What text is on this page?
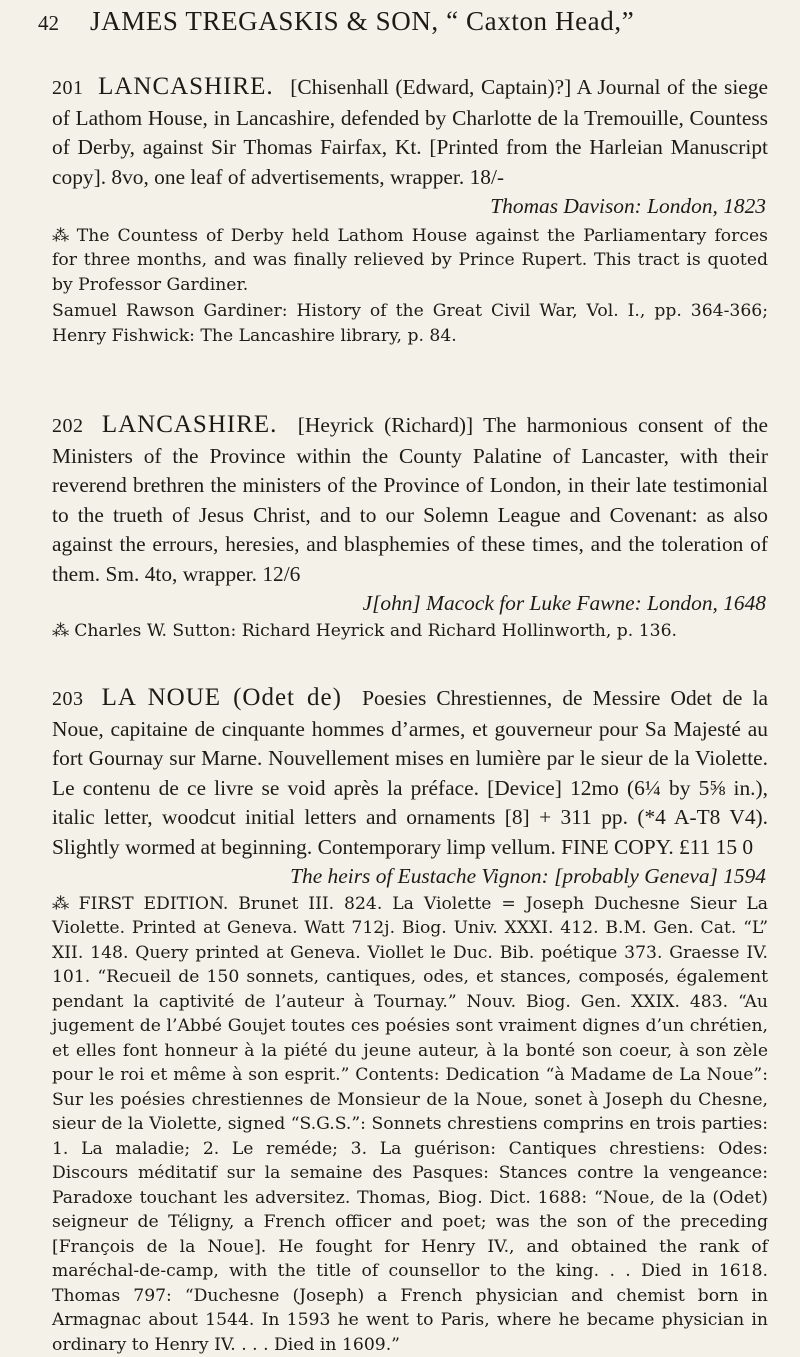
42	JAMES TREGASKIS & SON, “ Caxton Head,”

201 LANCASHIRE. [Chisenhall (Edward, Captain)?] A Journal of the siege of Lathom House, in Lancashire, defended by Charlotte de la Tremouille, Countess of Derby, against Sir Thomas Fairfax, Kt. [Printed from the Harleian Manuscript copy]. 8vo, one leaf of advertisements, wrapper. 18/-

Thomas Davison: London, 1823

⁂ The Countess of Derby held Lathom House against the Parliamentary forces for three months, and was finally relieved by Prince Rupert. This tract is quoted by Professor Gardiner.

Samuel Rawson Gardiner: History of the Great Civil War, Vol. I., pp. 364-366; Henry Fishwick: The Lancashire library, p. 84.

202 LANCASHIRE. [Heyrick (Richard)] The harmonious consent of the Ministers of the Province within the County Palatine of Lancaster, with their reverend brethren the ministers of the Province of London, in their late testimonial to the trueth of Jesus Christ, and to our Solemn League and Covenant: as also against the errours, heresies, and blasphemies of these times, and the toleration of them. Sm. 4to, wrapper. 12/6

J[ohn] Macock for Luke Fawne: London, 1648

⁂ Charles W. Sutton: Richard Heyrick and Richard Hollinworth, p. 136.

203 LA NOUE (Odet de) Poesies Chrestiennes, de Messire Odet de la Noue, capitaine de cinquante hommes d’armes, et gouverneur pour Sa Majesté au fort Gournay sur Marne. Nouvellement mises en lumière par le sieur de la Violette. Le contenu de ce livre se void après la préface. [Device] 12mo (6¼ by 5⅝ in.), italic letter, woodcut initial letters and ornaments [8] + 311 pp. (*4 A-T8 V4). Slightly wormed at beginning. Contemporary limp vellum. FINE COPY. £11 15 0

The heirs of Eustache Vignon: [probably Geneva] 1594

⁂ FIRST EDITION. Brunet III. 824. La Violette = Joseph Duchesne Sieur La Violette. Printed at Geneva. Watt 712j. Biog. Univ. XXXI. 412. B.M. Gen. Cat. “L” XII. 148. Query printed at Geneva. Viollet le Duc. Bib. poétique 373. Graesse IV. 101. “Recueil de 150 sonnets, cantiques, odes, et stances, composés, également pendant la captivité de l’auteur à Tournay.” Nouv. Biog. Gen. XXIX. 483. “Au jugement de l’Abbé Goujet toutes ces poésies sont vraiment dignes d’un chrétien, et elles font honneur à la piété du jeune auteur, à la bonté son coeur, à son zèle pour le roi et même à son esprit.” Contents: Dedication “à Madame de La Noue”: Sur les poésies chrestiennes de Monsieur de la Noue, sonet à Joseph du Chesne, sieur de la Violette, signed “S.G.S.”: Sonnets chrestiens comprins en trois parties: 1. La maladie; 2. Le reméde; 3. La guérison: Cantiques chrestiens: Odes: Discours méditatif sur la semaine des Pasques: Stances contre la vengeance: Paradoxe touchant les adversitez. Thomas, Biog. Dict. 1688: “Noue, de la (Odet) seigneur de Téligny, a French officer and poet; was the son of the preceding [François de la Noue]. He fought for Henry IV., and obtained the rank of maréchal-de-camp, with the title of counsellor to the king. . . Died in 1618. Thomas 797: “Duchesne (Joseph) a French physician and chemist born in Armagnac about 1544. In 1593 he went to Paris, where he became physician in ordinary to Henry IV. . . . Died in 1609.”
